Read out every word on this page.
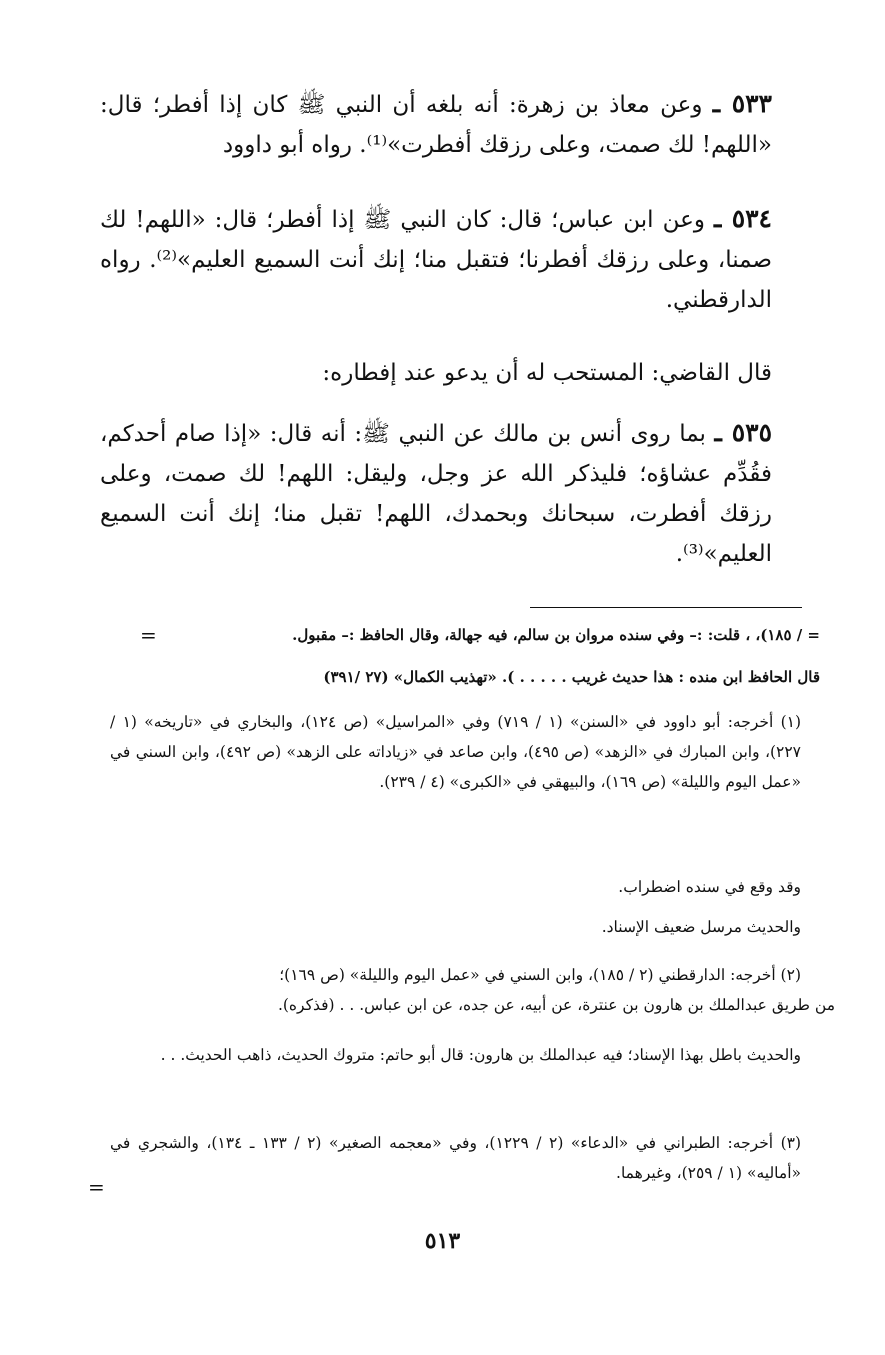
٥٣٣ ـ وعن معاذ بن زهرة: أنه بلغه أن النبي ﷺ كان إذا أفطر؛ قال: «اللهم! لك صمت، وعلى رزقك أفطرت»⁽¹⁾. رواه أبو داوود

٥٣٤ ـ وعن ابن عباس؛ قال: كان النبي ﷺ إذا أفطر؛ قال: «اللهم! لك صمنا، وعلى رزقك أفطرنا؛ فتقبل منا؛ إنك أنت السميع العليم»⁽²⁾. رواه الدارقطني.

قال القاضي: المستحب له أن يدعو عند إفطاره:

٥٣٥ ـ بما روى أنس بن مالك عن النبي ﷺ: أنه قال: «إذا صام أحدكم، فقُدِّم عشاؤه؛ فليذكر الله عز وجل، وليقل: اللهم! لك صمت، وعلى رزقك أفطرت، سبحانك وبحمدك، اللهم! تقبل منا؛ إنك أنت السميع العليم»⁽³⁾.

=	= / ١٨٥)، ، قلت: :– وفي سنده مروان بن سالم، فيه جهالة، وقال الحافظ :– مقبول.
قال الحافظ ابن منده : هذا حديث غريب . . . . . ). «تهذيب الكمال» (٢٧ /٣٩١)

(١) أخرجه: أبو داوود في «السنن» (١ / ٧١٩) وفي «المراسيل» (ص ١٢٤)، والبخاري في «تاريخه» (١ / ٢٢٧)، وابن المبارك في «الزهد» (ص ٤٩٥)، وابن صاعد في «زياداته على الزهد» (ص ٤٩٢)، وابن السني في «عمل اليوم والليلة» (ص ١٦٩)، والبيهقي في «الكبرى» (٤ / ٢٣٩).

وقد وقع في سنده اضطراب.

والحديث مرسل ضعيف الإسناد.

(٢) أخرجه: الدارقطني (٢ / ١٨٥)، وابن السني في «عمل اليوم والليلة» (ص ١٦٩)؛

من طريق عبدالملك بن هارون بن عنترة، عن أبيه، عن جده، عن ابن عباس. . . (فذكره).

والحديث باطل بهذا الإسناد؛ فيه عبدالملك بن هارون: قال أبو حاتم: متروك الحديث، ذاهب الحديث. . .

(٣) أخرجه: الطبراني في «الدعاء» (٢ / ١٢٢٩)، وفي «معجمه الصغير» (٢ / ١٣٣ ـ ١٣٤)، والشجري في «أماليه» (١ / ٢٥٩)، وغيرهما.

=
٥١٣
